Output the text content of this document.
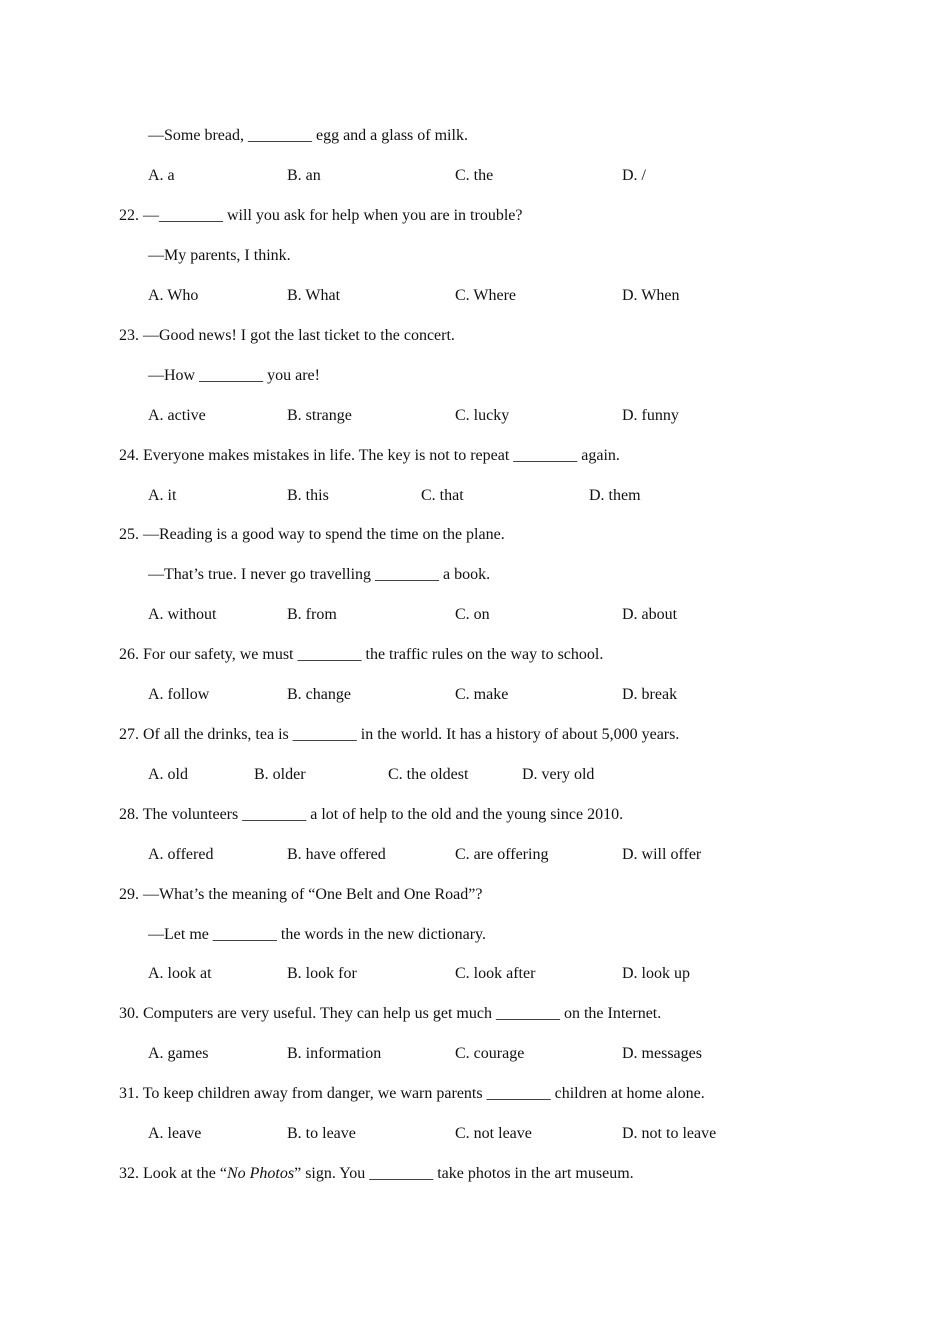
—Some bread, ________ egg and a glass of milk.
A. a	B. an	C. the	D. /
22. —________ will you ask for help when you are in trouble?
—My parents, I think.
A. Who	B. What	C. Where	D. When
23. —Good news! I got the last ticket to the concert.
—How ________ you are!
A. active	B. strange	C. lucky	D. funny
24. Everyone makes mistakes in life. The key is not to repeat ________ again.
A. it	B. this	C. that	D. them
25. —Reading is a good way to spend the time on the plane.
—That’s true. I never go travelling ________ a book.
A. without	B. from	C. on	D. about
26. For our safety, we must ________ the traffic rules on the way to school.
A. follow	B. change	C. make	D. break
27. Of all the drinks, tea is ________ in the world. It has a history of about 5,000 years.
A. old	B. older	C. the oldest	D. very old
28. The volunteers ________ a lot of help to the old and the young since 2010.
A. offered	B. have offered	C. are offering	D. will offer
29. —What’s the meaning of “One Belt and One Road”?
—Let me ________ the words in the new dictionary.
A. look at	B. look for	C. look after	D. look up
30. Computers are very useful. They can help us get much ________ on the Internet.
A. games	B. information	C. courage	D. messages
31. To keep children away from danger, we warn parents ________ children at home alone.
A. leave	B. to leave	C. not leave	D. not to leave
32. Look at the “No Photos” sign. You ________ take photos in the art museum.
